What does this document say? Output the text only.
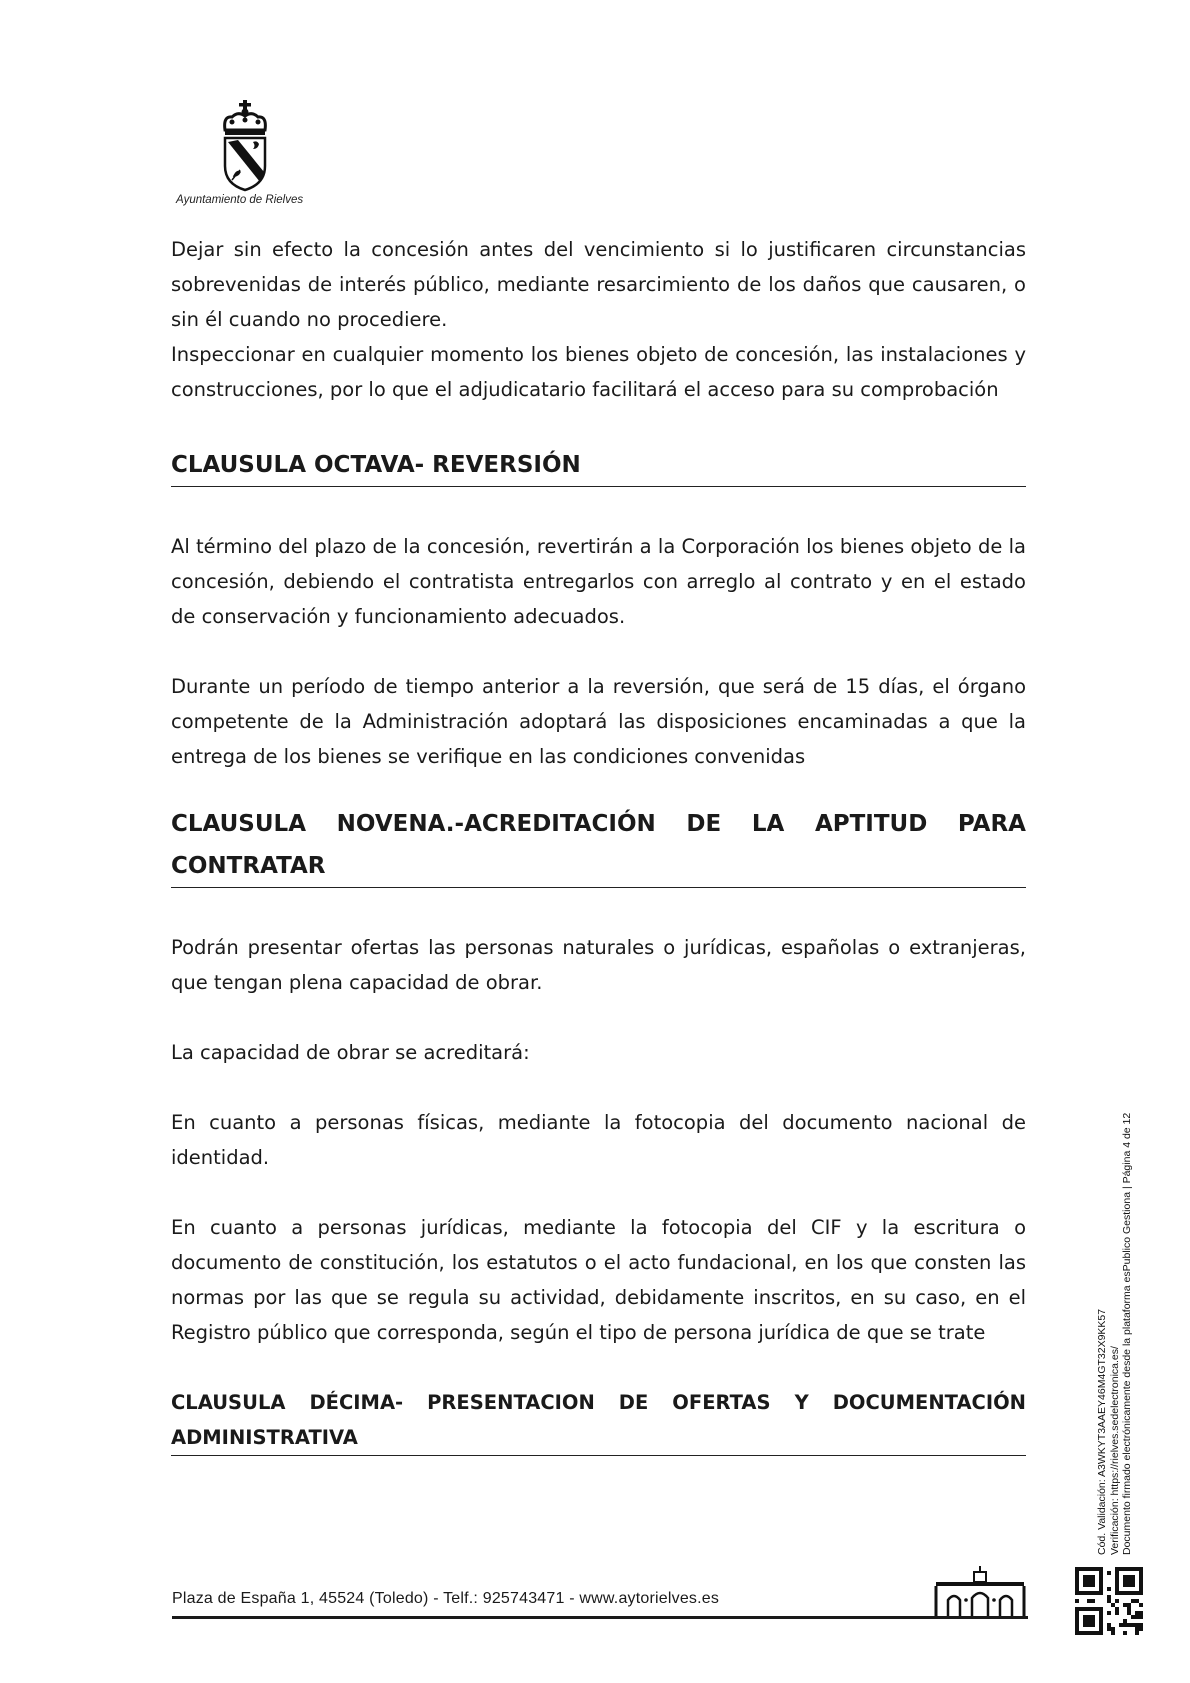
Ayuntamiento de Rielves

Dejar sin efecto la concesión antes del vencimiento si lo justificaren circunstancias sobrevenidas de interés público, mediante resarcimiento de los daños que causaren, o sin él cuando no procediere.

Inspeccionar en cualquier momento los bienes objeto de concesión, las instalaciones y construcciones, por lo que el adjudicatario facilitará el acceso para su comprobación

CLAUSULA OCTAVA- REVERSIÓN

Al término del plazo de la concesión, revertirán a la Corporación los bienes objeto de la concesión, debiendo el contratista entregarlos con arreglo al contrato y en el estado de conservación y funcionamiento adecuados.

Durante un período de tiempo anterior a la reversión, que será de 15 días, el órgano competente de la Administración adoptará las disposiciones encaminadas a que la entrega de los bienes se verifique en las condiciones convenidas

CLAUSULA NOVENA.-ACREDITACIÓN DE LA APTITUD PARA CONTRATAR

Podrán presentar ofertas las personas naturales o jurídicas, españolas o extranjeras, que tengan plena capacidad de obrar.

La capacidad de obrar se acreditará:

En cuanto a personas físicas, mediante la fotocopia del documento nacional de identidad.

En cuanto a personas jurídicas, mediante la fotocopia del CIF y la escritura o documento de constitución, los estatutos o el acto fundacional, en los que consten las normas por las que se regula su actividad, debidamente inscritos, en su caso, en el Registro público que corresponda, según el tipo de persona jurídica de que se trate

CLAUSULA DÉCIMA- PRESENTACION DE OFERTAS Y DOCUMENTACIÓN ADMINISTRATIVA	Cód. Validación: A3WKYT3AAEY46M4GT32X9KK57 Verificación: https://rielves.sedelectronica.es/ Documento firmado electrónicamente desde la plataforma esPublico Gestiona | Página 4 de 12
Plaza de España 1, 45524 (Toledo) - Telf.: 925743471 - www.aytorielves.es
